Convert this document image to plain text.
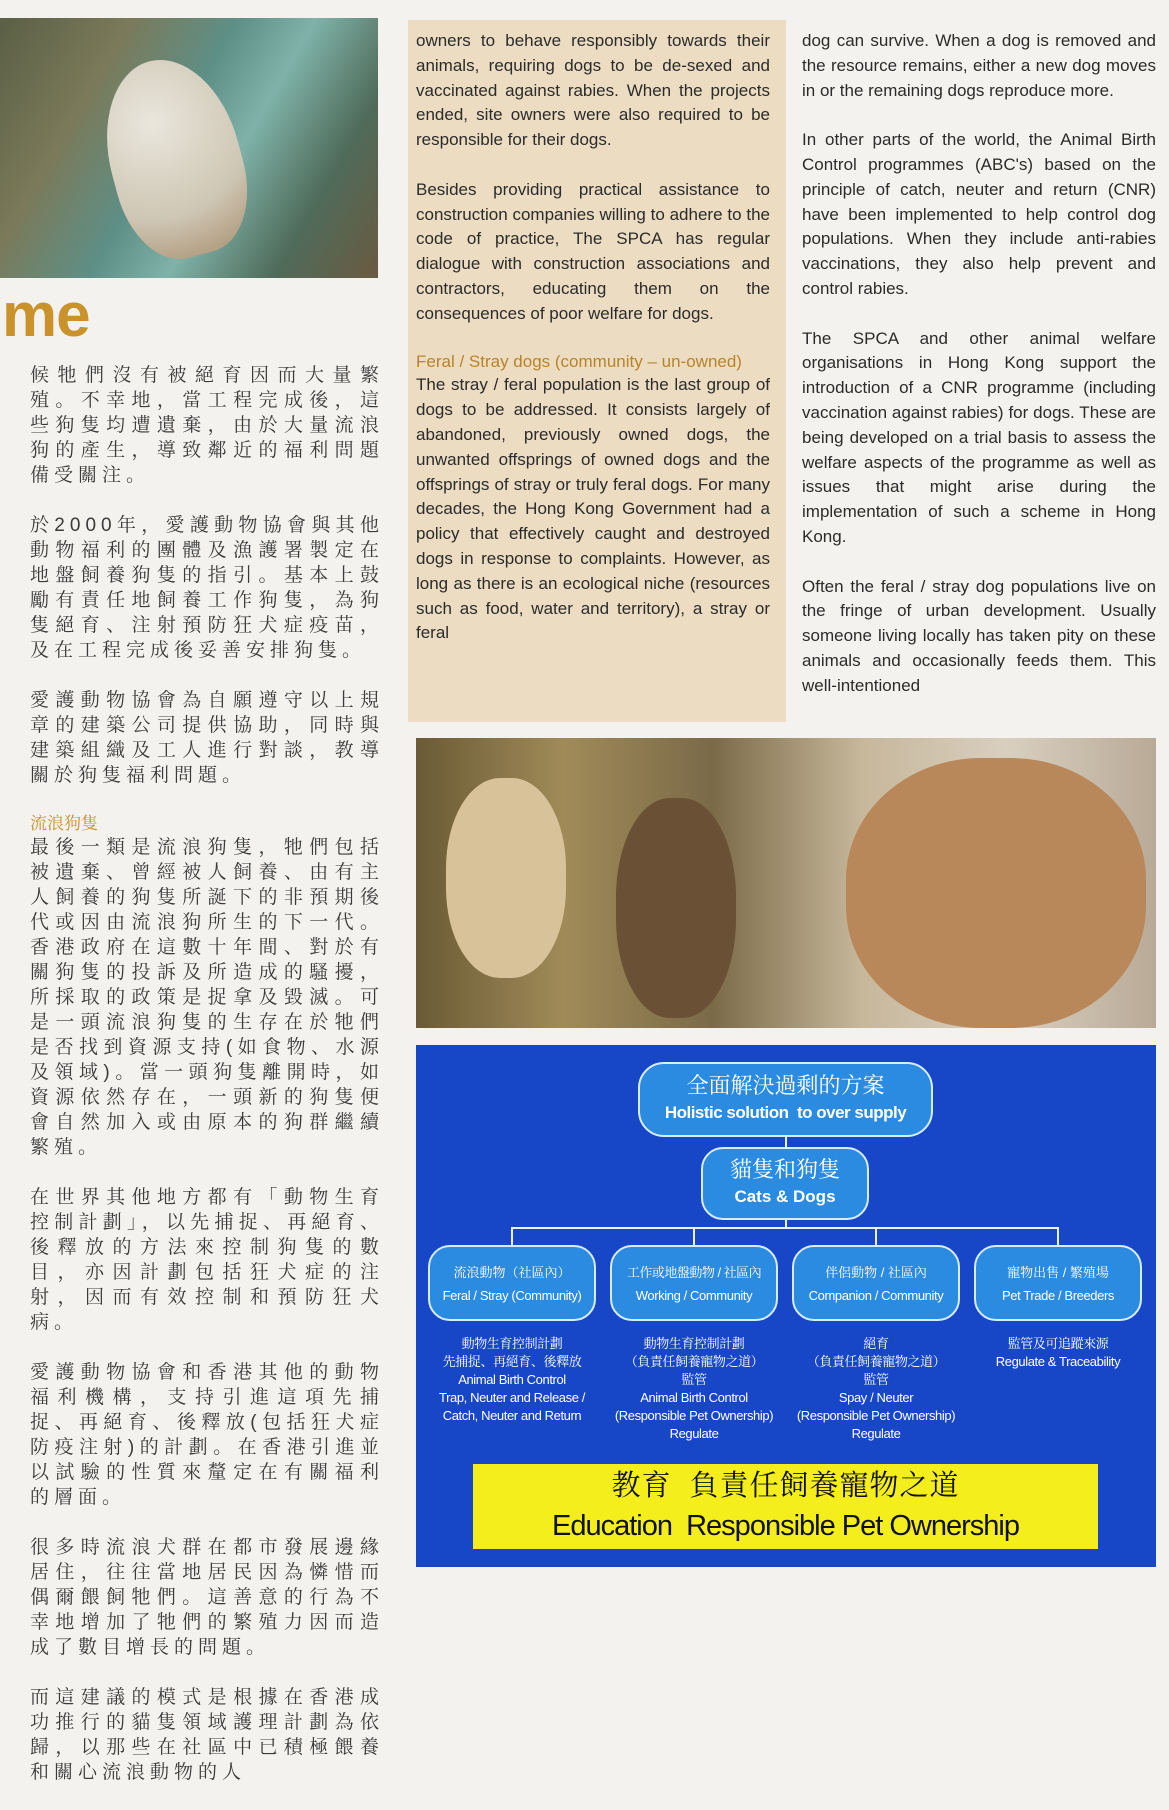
me

候牠們沒有被絕育因而大量繁殖。不幸地，當工程完成後，這些狗隻均遭遺棄，由於大量流浪狗的產生，導致鄰近的福利問題備受關注。

於2000年，愛護動物協會與其他動物福利的團體及漁護署製定在地盤飼養狗隻的指引。基本上鼓勵有責任地飼養工作狗隻，為狗隻絕育、注射預防狂犬症疫苗，及在工程完成後妥善安排狗隻。

愛護動物協會為自願遵守以上規章的建築公司提供協助，同時與建築組織及工人進行對談，教導關於狗隻福利問題。

流浪狗隻

最後一類是流浪狗隻，牠們包括被遺棄、曾經被人飼養、由有主人飼養的狗隻所誕下的非預期後代或因由流浪狗所生的下一代。香港政府在這數十年間、對於有關狗隻的投訴及所造成的騷擾，所採取的政策是捉拿及毀滅。可是一頭流浪狗隻的生存在於牠們是否找到資源支持(如食物、水源及領域)。當一頭狗隻離開時，如資源依然存在，一頭新的狗隻便會自然加入或由原本的狗群繼續繁殖。

在世界其他地方都有「動物生育控制計劃」，以先捕捉、再絕育、後釋放的方法來控制狗隻的數目，亦因計劃包括狂犬症的注射，因而有效控制和預防狂犬病。

愛護動物協會和香港其他的動物福利機構，支持引進這項先捕捉、再絕育、後釋放(包括狂犬症防疫注射)的計劃。在香港引進並以試驗的性質來釐定在有關福利的層面。

很多時流浪犬群在都市發展邊緣居住，往往當地居民因為憐惜而偶爾餵飼牠們。這善意的行為不幸地增加了牠們的繁殖力因而造成了數目增長的問題。

而這建議的模式是根據在香港成功推行的貓隻領域護理計劃為依歸，以那些在社區中已積極餵養和關心流浪動物的人

owners to behave responsibly towards their animals, requiring dogs to be de-sexed and vaccinated against rabies. When the projects ended, site owners were also required to be responsible for their dogs.

Besides providing practical assistance to construction companies willing to adhere to the code of practice, The SPCA has regular dialogue with construction associations and contractors, educating them on the consequences of poor welfare for dogs.

Feral / Stray dogs (community – un-owned)

The stray / feral population is the last group of dogs to be addressed. It consists largely of abandoned, previously owned dogs, the unwanted offsprings of owned dogs and the offsprings of stray or truly feral dogs. For many decades, the Hong Kong Government had a policy that effectively caught and destroyed dogs in response to complaints. However, as long as there is an ecological niche (resources such as food, water and territory), a stray or feral

dog can survive. When a dog is removed and the resource remains, either a new dog moves in or the remaining dogs reproduce more.

In other parts of the world, the Animal Birth Control programmes (ABC's) based on the principle of catch, neuter and return (CNR) have been implemented to help control dog populations. When they include anti-rabies vaccinations, they also help prevent and control rabies.

The SPCA and other animal welfare organisations in Hong Kong support the introduction of a CNR programme (including vaccination against rabies) for dogs. These are being developed on a trial basis to assess the welfare aspects of the programme as well as issues that might arise during the implementation of such a scheme in Hong Kong.

Often the feral / stray dog populations live on the fringe of urban development. Usually someone living locally has taken pity on these animals and occasionally feeds them. This well-intentioned

全面解決過剩的方案
Holistic solution  to over supply
貓隻和狗隻
Cats & Dogs
流浪動物（社區內）
Feral / Stray (Community)
工作或地盤動物 / 社區內
Working / Community
伴侶動物 / 社區內
Companion / Community
寵物出售 / 繁殖場
Pet Trade / Breeders
動物生育控制計劃
先捕捉、再絕育、後釋放
Animal Birth Control
Trap, Neuter and Release /
Catch, Neuter and Return
動物生育控制計劃
（負責任飼養寵物之道）
監管
Animal Birth Control
(Responsible Pet Ownership)
Regulate
絕育
（負責任飼養寵物之道）
監管
Spay / Neuter
(Responsible Pet Ownership)
Regulate
監管及可追蹤來源
Regulate & Traceability
教育  負責任飼養寵物之道
Education  Responsible Pet Ownership
